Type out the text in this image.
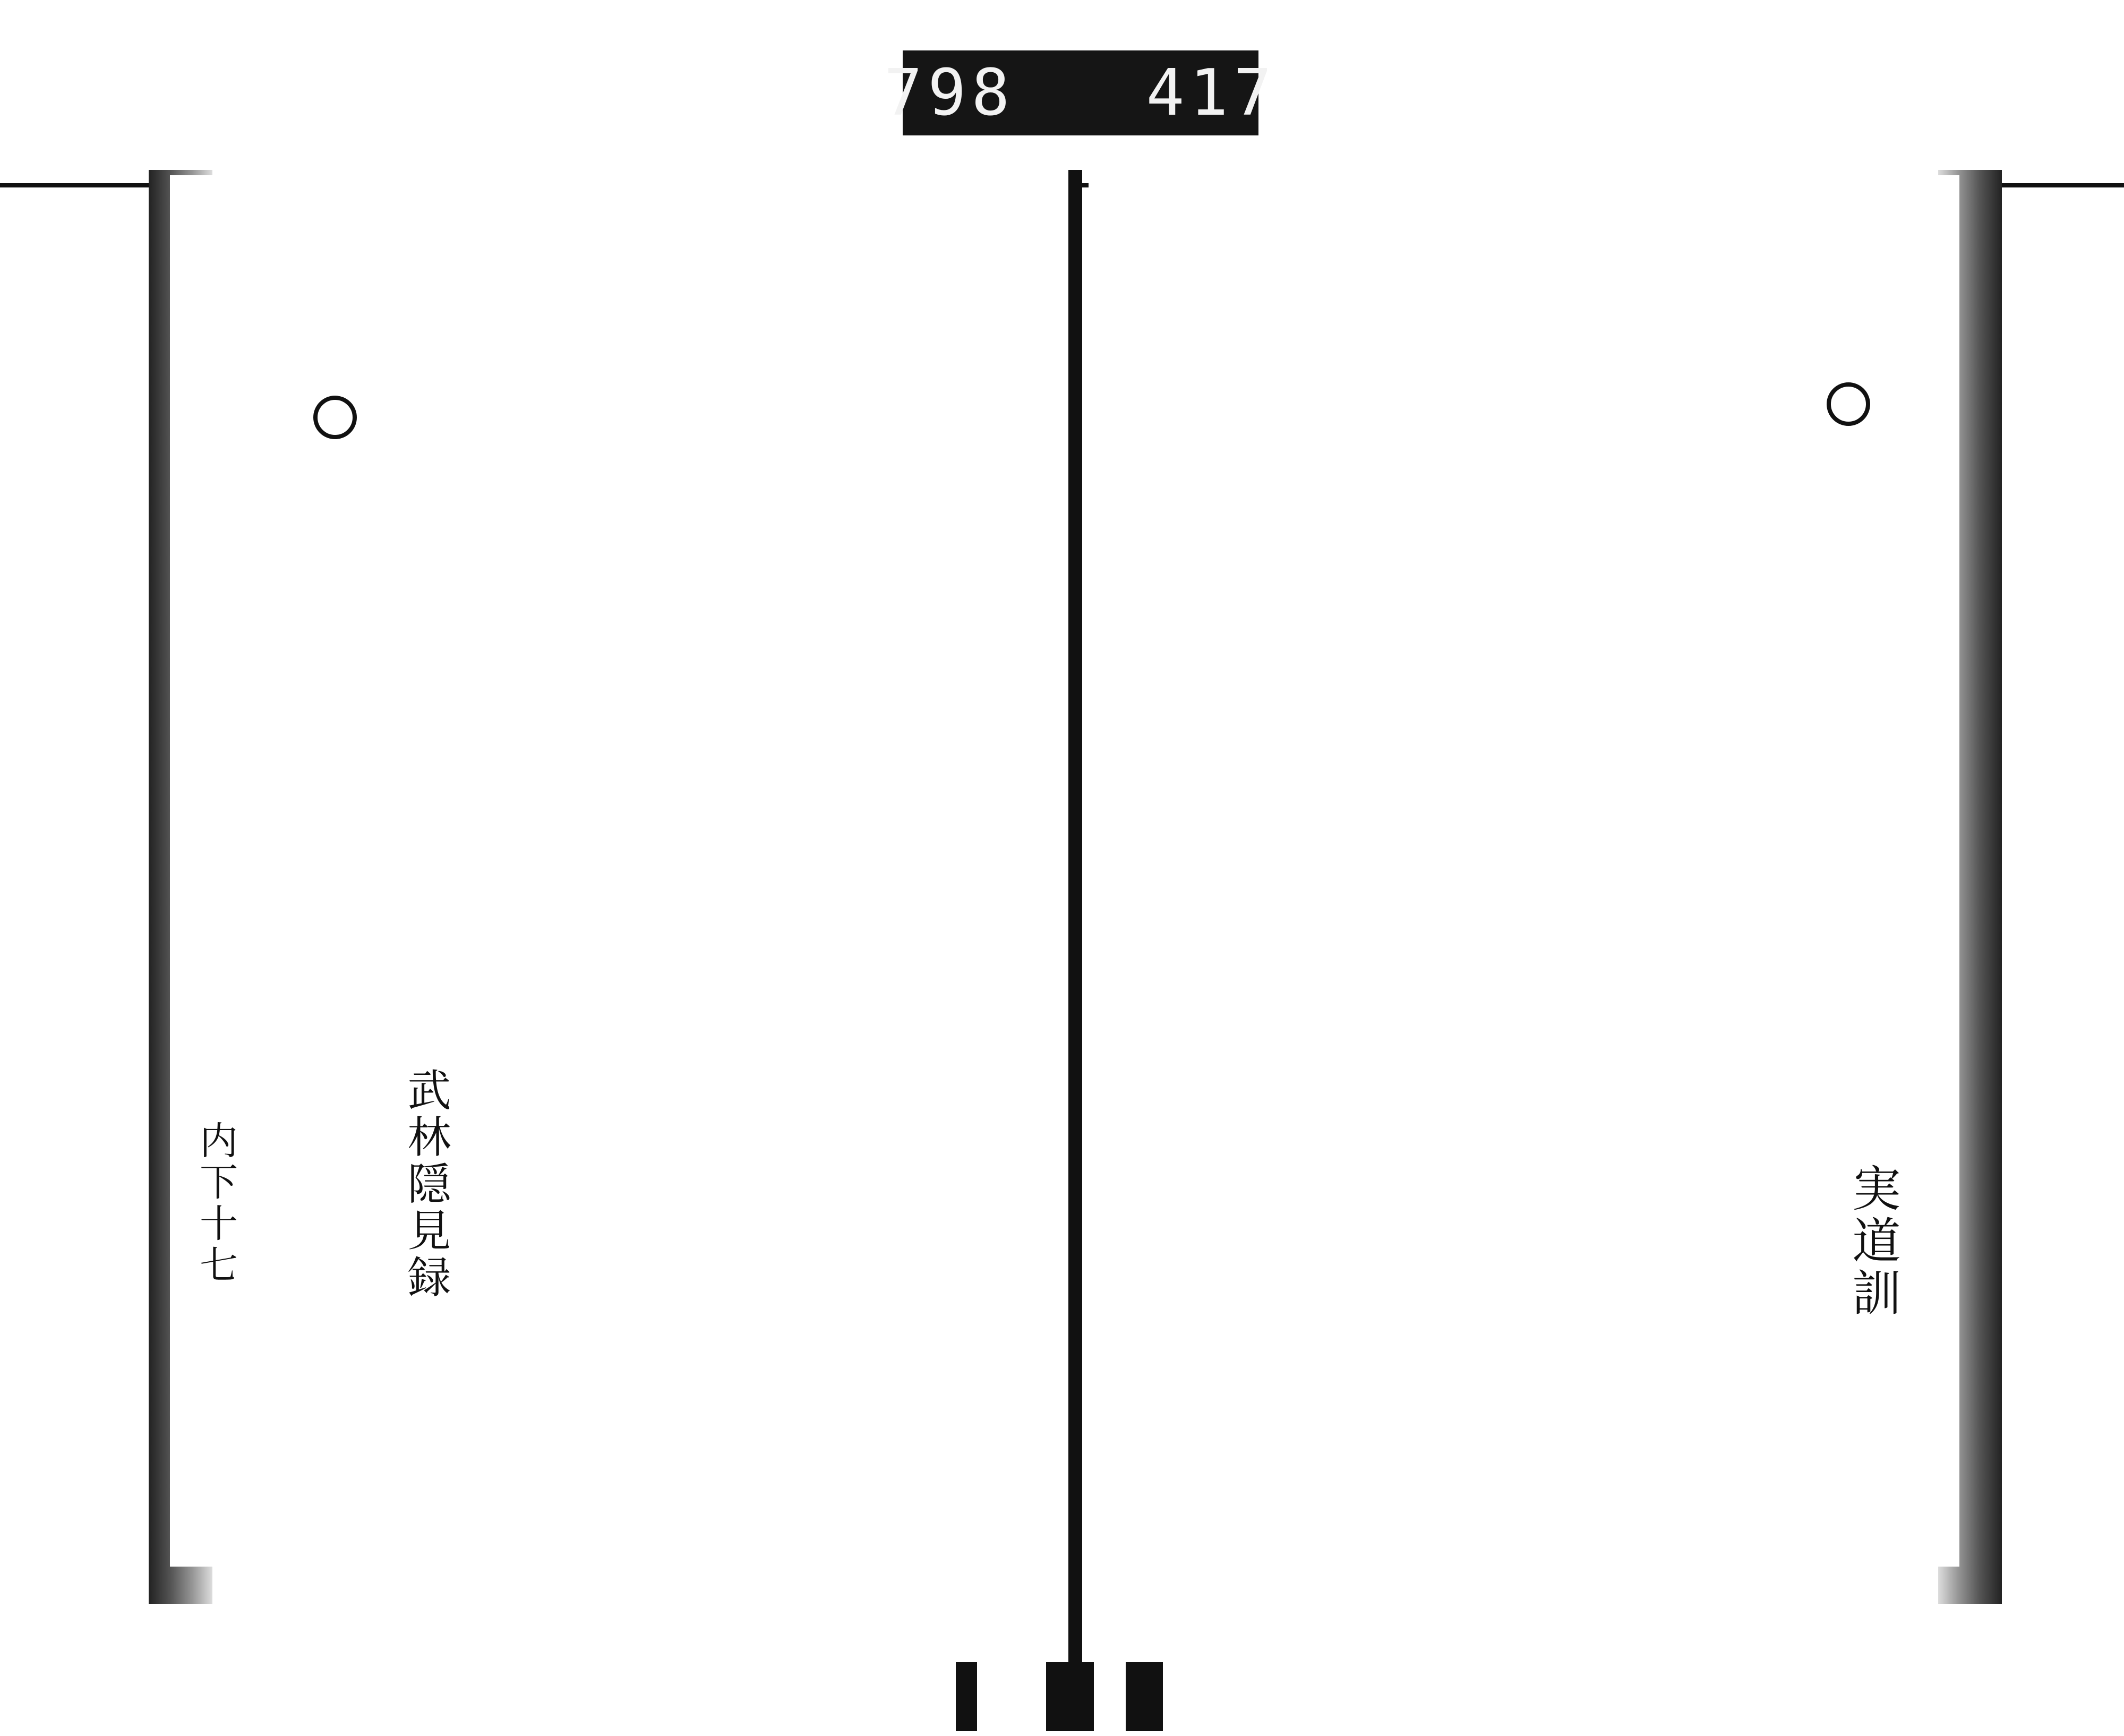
798
417
実道訓
武林隠見録
内下十七
